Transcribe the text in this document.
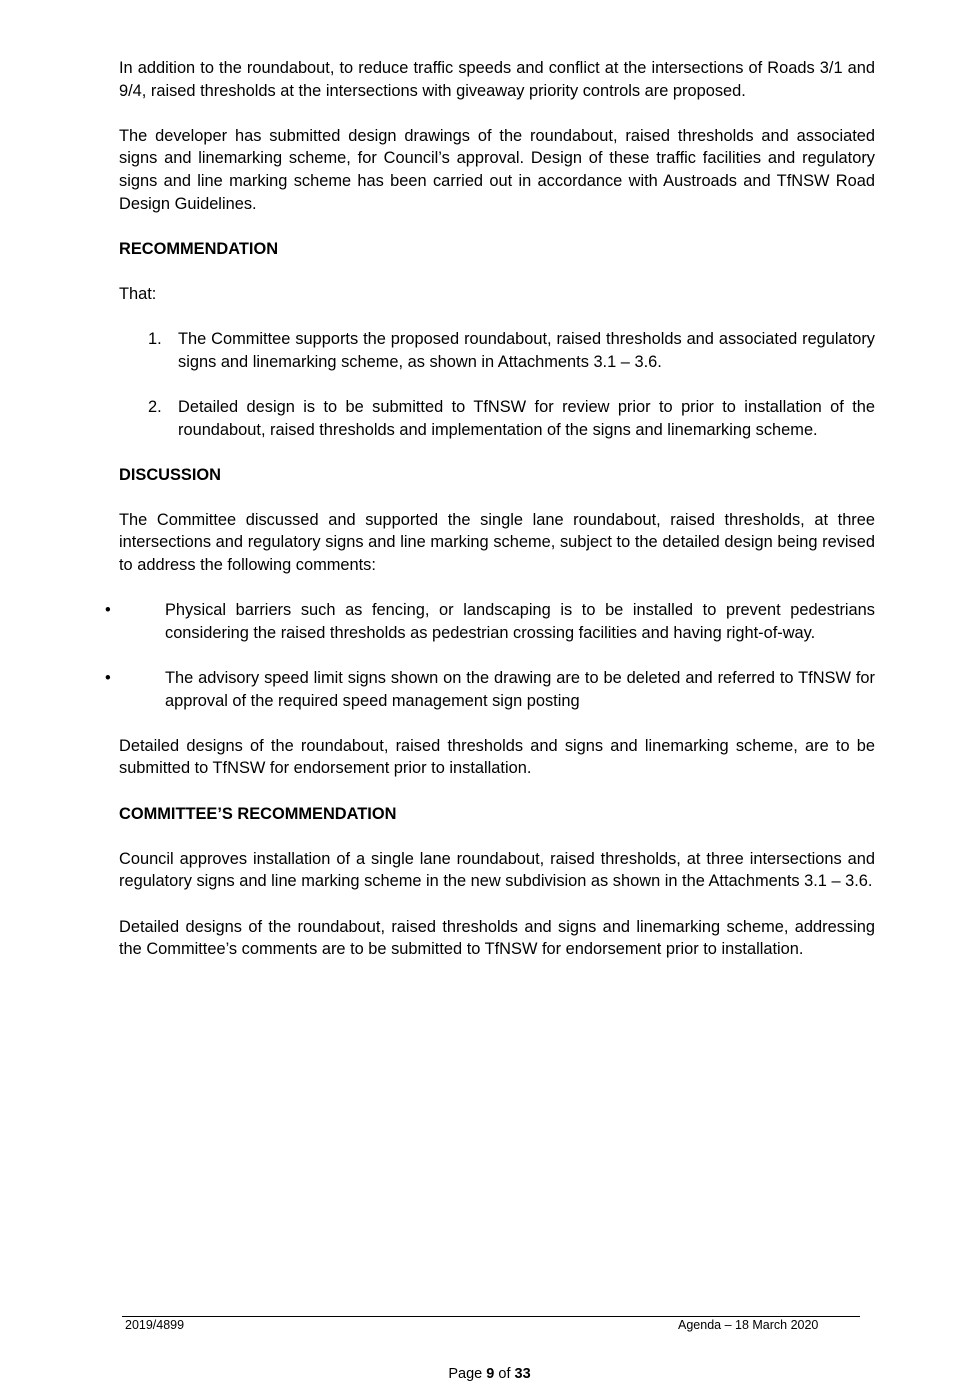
In addition to the roundabout, to reduce traffic speeds and conflict at the intersections of Roads 3/1 and 9/4, raised thresholds at the intersections with giveaway priority controls are proposed.

The developer has submitted design drawings of the roundabout, raised thresholds and associated signs and linemarking scheme, for Council’s approval. Design of these traffic facilities and regulatory signs and line marking scheme has been carried out in accordance with Austroads and TfNSW Road Design Guidelines.

RECOMMENDATION

That:

1. The Committee supports the proposed roundabout, raised thresholds and associated regulatory signs and linemarking scheme, as shown in Attachments 3.1 – 3.6.

2. Detailed design is to be submitted to TfNSW for review prior to prior to installation of the roundabout, raised thresholds and implementation of the signs and linemarking scheme.

DISCUSSION

The Committee discussed and supported the single lane roundabout, raised thresholds, at three intersections and regulatory signs and line marking scheme, subject to the detailed design being revised to address the following comments:

•	Physical barriers such as fencing, or landscaping is to be installed to prevent pedestrians considering the raised thresholds as pedestrian crossing facilities and having right-of-way.

•	The advisory speed limit signs shown on the drawing are to be deleted and referred to TfNSW for approval of the required speed management sign posting

Detailed designs of the roundabout, raised thresholds and signs and linemarking scheme, are to be submitted to TfNSW for endorsement prior to installation.

COMMITTEE’S RECOMMENDATION

Council approves installation of a single lane roundabout, raised thresholds, at three intersections and regulatory signs and line marking scheme in the new subdivision as shown in the Attachments 3.1 – 3.6.

Detailed designs of the roundabout, raised thresholds and signs and linemarking scheme, addressing the Committee’s comments are to be submitted to TfNSW for endorsement prior to installation.

2019/4899	Agenda – 18 March 2020
Page 9 of 33
